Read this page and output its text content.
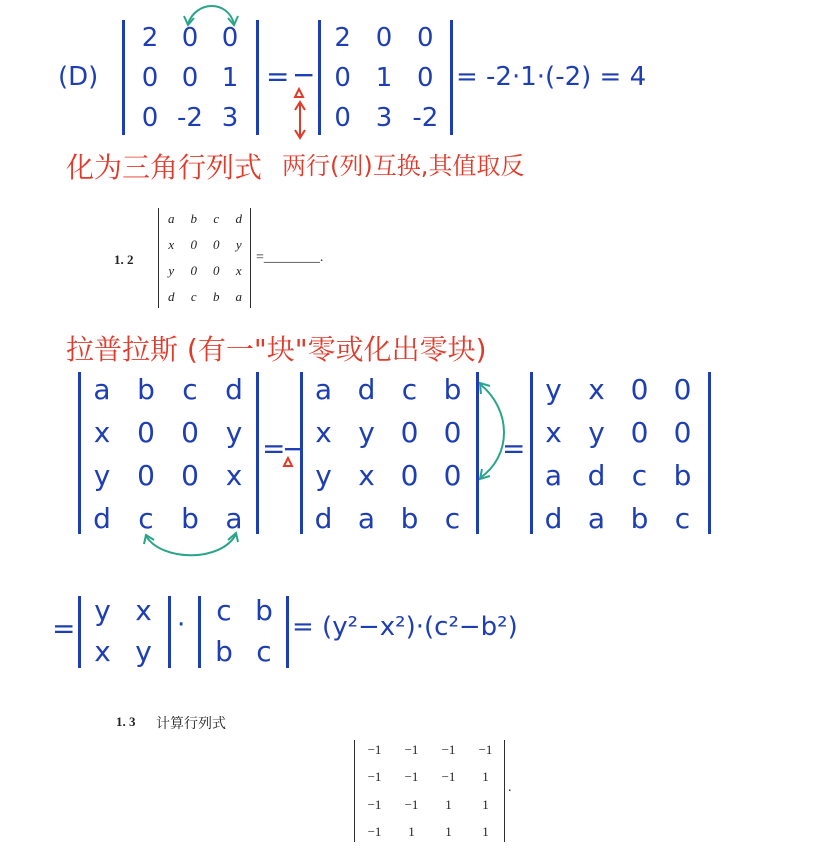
(D)
2 0 0
0 0 1
0 -2 3
= −
2 0 0
0 1 0
0 3 -2
= -2·1·(-2) = 4
化为三角行列式 两行(列)互换,其值取反
1. 2
a	b	c	d
x	0	0	y
y	0	0	x
d	c	b	a
=________.
拉普拉斯 (有一"块"零或化出零块)
a b c d
x 0 0 y
y 0 0 x
d c b a
=
−
a d c b
x y 0 0
y x 0 0
d a b c
=
y x 0 0
x y 0 0
a d c b
d a b c
=
y x
x y
·	c b
b c
= (y²−x²)·(c²−b²)
1. 3 计算行列式
−1	−1	−1	−1
−1	−1	−1	1
−1	−1	1	1
−1	1	1	1
.
